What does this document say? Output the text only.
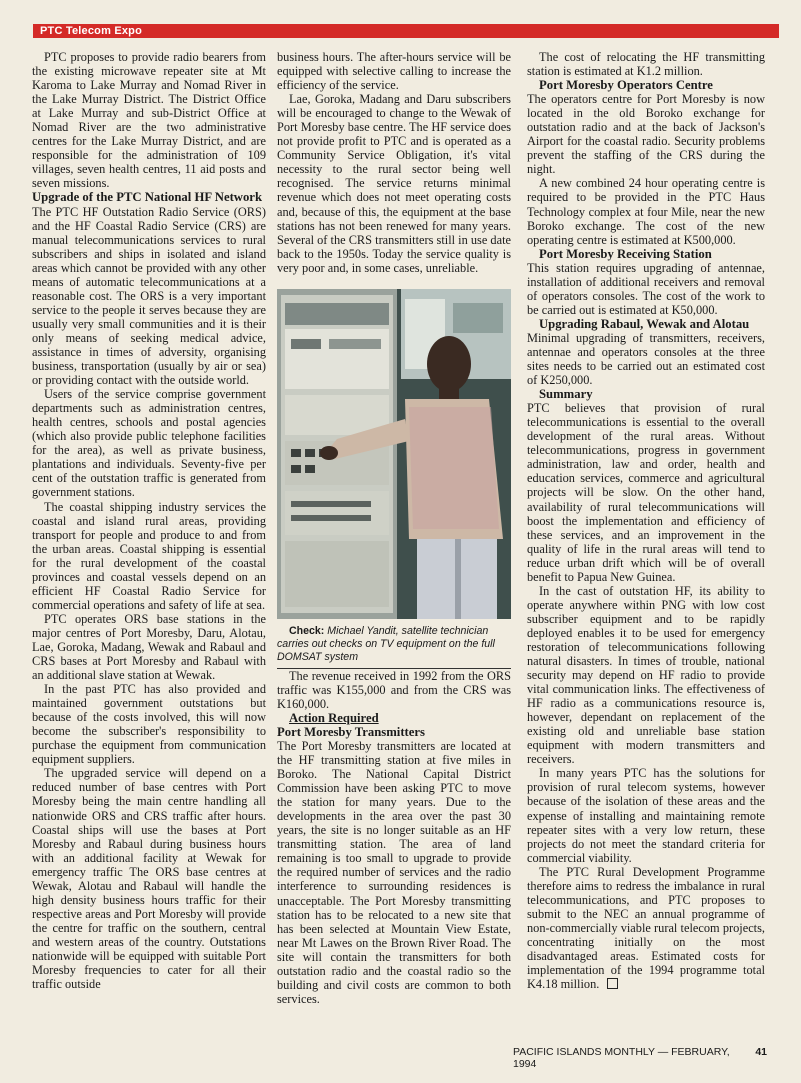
PTC Telecom Expo

PTC proposes to provide radio bearers from the existing microwave repeater site at Mt Karoma to Lake Murray and Nomad River in the Lake Murray District. The District Office at Lake Murray and sub-District Office at Nomad River are the two administrative centres for the Lake Murray District, and are responsible for the administration of 109 villages, seven health centres, 11 aid posts and seven missions.

Upgrade of the PTC National HF Network

The PTC HF Outstation Radio Service (ORS) and the HF Coastal Radio Service (CRS) are manual telecommunications services to rural subscribers and ships in isolated and island areas which cannot be provided with any other means of automatic telecommunications at a reasonable cost. The ORS is a very important service to the people it serves because they are usually very small communities and it is their only means of seeking medical advice, assistance in times of adversity, organising business, transportation (usually by air or sea) or providing contact with the outside world.

Users of the service comprise government departments such as administration centres, health centres, schools and postal agencies (which also provide public telephone facilities for the area), as well as private business, plantations and individuals. Seventy-five per cent of the outstation traffic is generated from government stations.

The coastal shipping industry services the coastal and island rural areas, providing transport for people and produce to and from the urban areas. Coastal shipping is essential for the rural development of the coastal provinces and coastal vessels depend on an efficient HF Coastal Radio Service for commercial operations and safety of life at sea.

PTC operates ORS base stations in the major centres of Port Moresby, Daru, Alotau, Lae, Goroka, Madang, Wewak and Rabaul and CRS bases at Port Moresby and Rabaul with an additional slave station at Wewak.

In the past PTC has also provided and maintained government outstations but because of the costs involved, this will now become the subscriber's responsibility to purchase the equipment from communication equipment suppliers.

The upgraded service will depend on a reduced number of base centres with Port Moresby being the main centre handling all nationwide ORS and CRS traffic after hours. Coastal ships will use the bases at Port Moresby and Rabaul during business hours with an additional facility at Wewak for emergency traffic The ORS base centres at Wewak, Alotau and Rabaul will handle the high density business hours traffic for their respective areas and Port Moresby will provide the centre for traffic on the southern, central and western areas of the country. Outstations nationwide will be equipped with suitable Port Moresby frequencies to cater for all their traffic outside

business hours. The after-hours service will be equipped with selective calling to increase the efficiency of the service.

Lae, Goroka, Madang and Daru subscribers will be encouraged to change to the Wewak of Port Moresby base centre. The HF service does not provide profit to PTC and is operated as a Community Service Obligation, it's vital necessity to the rural sector being well recognised. The service returns minimal revenue which does not meet operating costs and, because of this, the equipment at the base stations has not been renewed for many years. Several of the CRS transmitters still in use date back to the 1950s. Today the service quality is very poor and, in some cases, unreliable.

Check: Michael Yandit, satellite technician carries out checks on TV equipment on the full DOMSAT system

The revenue received in 1992 from the ORS traffic was K155,000 and from the CRS was K160,000.

Action Required
Port Moresby Transmitters

The Port Moresby transmitters are located at the HF transmitting station at five miles in Boroko. The National Capital District Commission have been asking PTC to move the station for many years. Due to the developments in the area over the past 30 years, the site is no longer suitable as an HF transmitting station. The area of land remaining is too small to upgrade to provide the required number of services and the radio interference to surrounding residences is unacceptable. The Port Moresby transmitting station has to be relocated to a new site that has been selected at Mountain View Estate, near Mt Lawes on the Brown River Road. The site will contain the transmitters for both outstation radio and the coastal radio so the building and civil costs are common to both services.

The cost of relocating the HF transmitting station is estimated at K1.2 million.

Port Moresby Operators Centre

The operators centre for Port Moresby is now located in the old Boroko exchange for outstation radio and at the back of Jackson's Airport for the coastal radio. Security problems prevent the staffing of the CRS during the night.

A new combined 24 hour operating centre is required to be provided in the PTC Haus Technology complex at four Mile, near the new Boroko exchange. The cost of the new operating centre is estimated at K500,000.

Port Moresby Receiving Station

This station requires upgrading of antennae, installation of additional receivers and removal of operators consoles. The cost of the work to be carried out is estimated at K50,000.

Upgrading Rabaul, Wewak and Alotau

Minimal upgrading of transmitters, receivers, antennae and operators consoles at the three sites needs to be carried out an estimated cost of K250,000.

Summary

PTC believes that provision of rural telecommunications is essential to the overall development of the rural areas. Without telecommunications, progress in government administration, law and order, health and education services, commerce and agricultural projects will be slow. On the other hand, availability of rural telecommunications will boost the implementation and efficiency of these services, and an improvement in the quality of life in the rural areas will tend to reduce urban drift which will be of overall benefit to Papua New Guinea.

In the cast of outstation HF, its ability to operate anywhere within PNG with low cost subscriber equipment and to be rapidly deployed enables it to be used for emergency restoration of telecommunications following natural disasters. In times of trouble, national security may depend on HF radio to provide vital communication links. The effectiveness of HF radio as a communications resource is, however, dependant on replacement of the existing old and unreliable base station equipment with modern transmitters and receivers.

In many years PTC has the solutions for provision of rural telecom systems, however because of the isolation of these areas and the expense of installing and maintaining remote repeater sites with a very low return, these projects do not meet the standard criteria for commercial viability.

The PTC Rural Development Programme therefore aims to redress the imbalance in rural telecommunications, and PTC proposes to submit to the NEC an annual programme of non-commercially viable rural telecom projects, concentrating initially on the most disadvantaged areas. Estimated costs for implementation of the 1994 programme total K4.18 million.

PACIFIC ISLANDS MONTHLY — FEBRUARY, 1994
41
